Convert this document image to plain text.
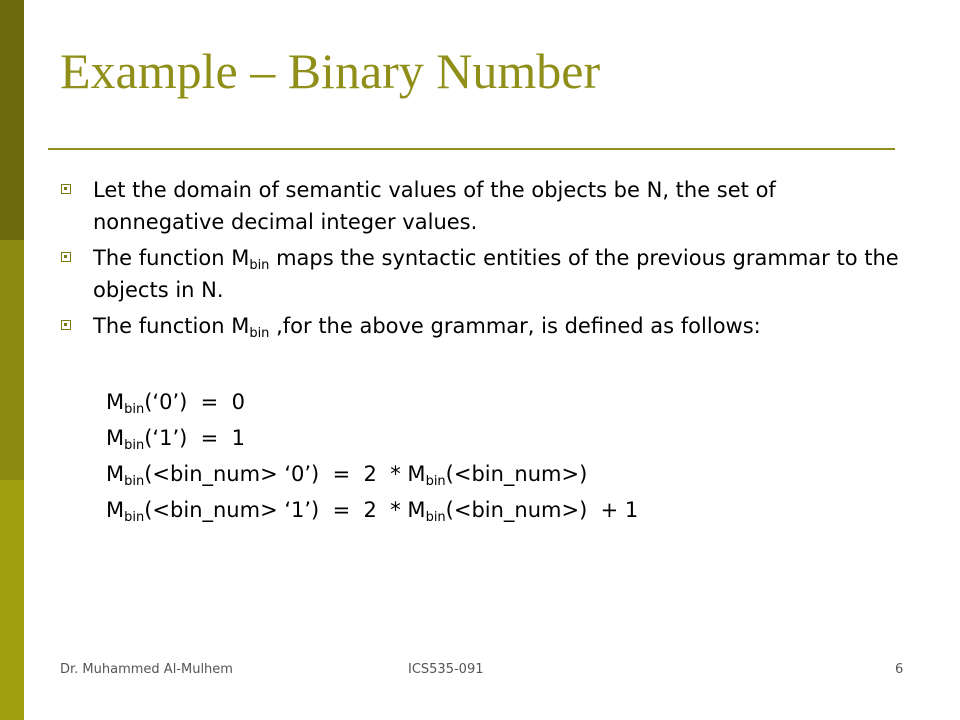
Example – Binary Number
Let the domain of semantic values of the objects be N, the set of nonnegative decimal integer values.
The function $M_{bin}$ maps the syntactic entities of the previous grammar to the objects in N.
The function $M_{bin}$ ,for the above grammar, is defined as follows:
$M_{bin}(‘0’) = 0$
$M_{bin}(‘1’) = 1$
$M_{bin}(<bin\_num>$ ‘0’)  =  $2 * M_{bin}(<bin\_num>)$
$M_{bin}(<bin\_num>$ ‘1’)  =  $2 * M_{bin}(<bin\_num>) + 1$
Dr. Muhammed Al-Mulhem	ICS535-091	6
